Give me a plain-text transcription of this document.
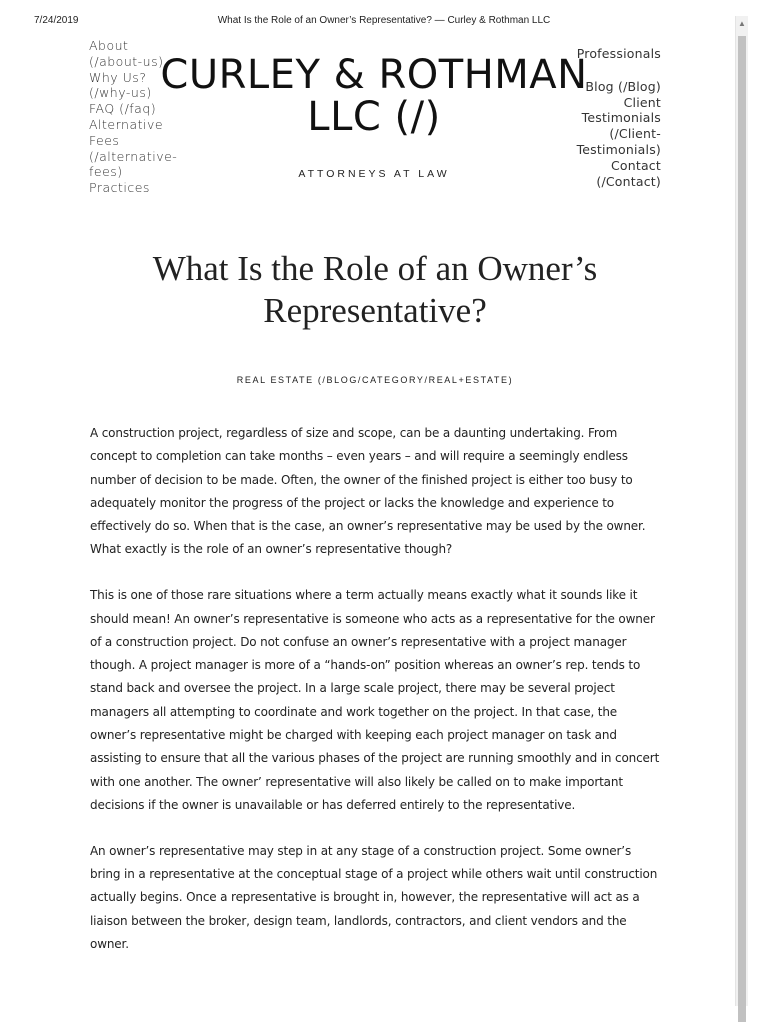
7/24/2019	What Is the Role of an Owner’s Representative? — Curley & Rothman LLC	▲
About
(/about-us)
Why Us?
(/why-us)
FAQ (/faq)
Alternative
Fees
(/alternative-
fees)
Practices
Professionals
Blog (/Blog)
Client
Testimonials
(/Client-
Testimonials)
Contact
(/Contact)
CURLEY & ROTHMAN
LLC (/)
ATTORNEYS AT LAW
What Is the Role of an Owner’s
Representative?
REAL ESTATE (/BLOG/CATEGORY/REAL+ESTATE)

A construction project, regardless of size and scope, can be a daunting undertaking. From concept to completion can take months – even years – and will require a seemingly endless number of decision to be made. Often, the owner of the finished project is either too busy to adequately monitor the progress of the project or lacks the knowledge and experience to effectively do so. When that is the case, an owner’s representative may be used by the owner. What exactly is the role of an owner’s representative though?

This is one of those rare situations where a term actually means exactly what it sounds like it should mean! An owner’s representative is someone who acts as a representative for the owner of a construction project. Do not confuse an owner’s representative with a project manager though. A project manager is more of a “hands-on” position whereas an owner’s rep. tends to stand back and oversee the project. In a large scale project, there may be several project managers all attempting to coordinate and work together on the project. In that case, the owner’s representative might be charged with keeping each project manager on task and assisting to ensure that all the various phases of the project are running smoothly and in concert with one another. The owner’ representative will also likely be called on to make important decisions if the owner is unavailable or has deferred entirely to the representative.

An owner’s representative may step in at any stage of a construction project. Some owner’s bring in a representative at the conceptual stage of a project while others wait until construction actually begins. Once a representative is brought in, however, the representative will act as a liaison between the broker, design team, landlords, contractors, and client vendors and the owner.
